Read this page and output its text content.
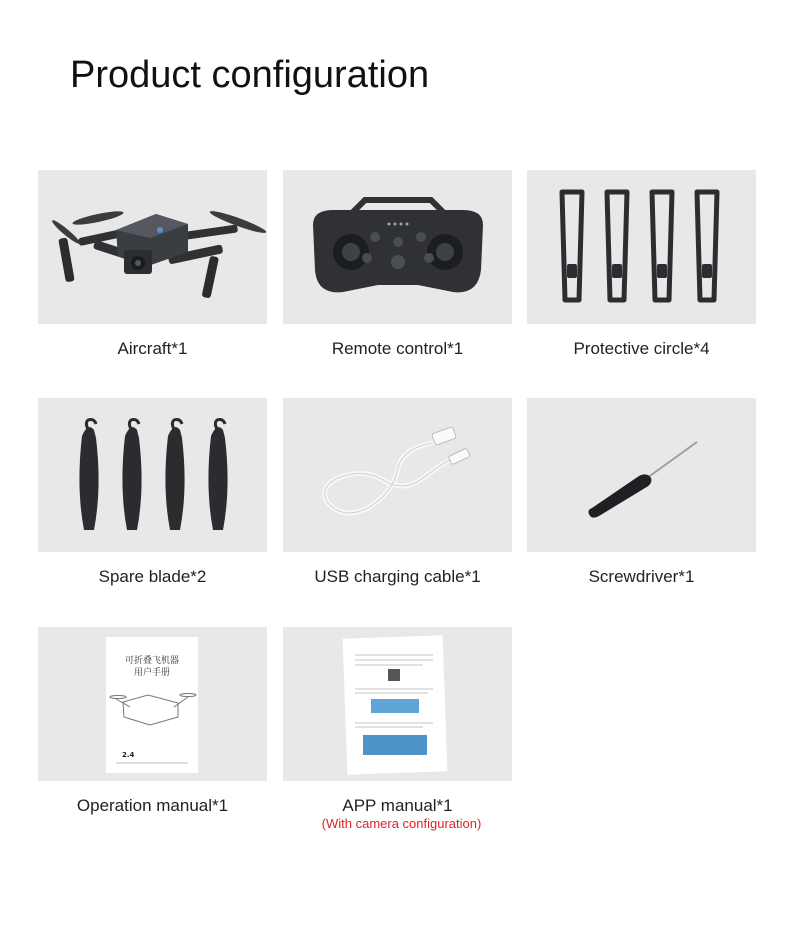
Product configuration
Aircraft*1	Remote control*1	Protective circle*4
Spare blade*2	USB charging cable*1	Screwdriver*1
可折叠飞机器
用户手册
2.4
Operation manual*1	APP manual*1
(With camera configuration)
